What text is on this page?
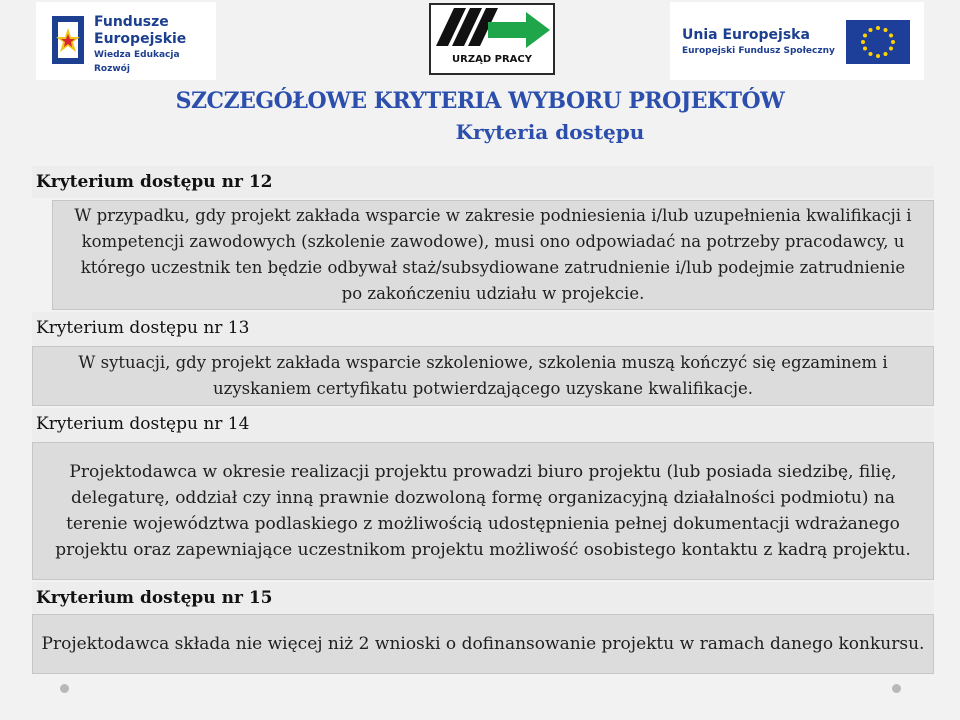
Fundusze
Europejskie
Wiedza Edukacja Rozwój
URZĄD PRACY
Unia Europejska
Europejski Fundusz Społeczny
SZCZEGÓŁOWE KRYTERIA WYBORU PROJEKTÓW
Kryteria dostępu
Kryterium dostępu nr 12

W przypadku, gdy projekt zakłada wsparcie w zakresie podniesienia i/lub uzupełnienia kwalifikacji i kompetencji zawodowych (szkolenie zawodowe), musi ono odpowiadać na potrzeby pracodawcy, u którego uczestnik ten będzie odbywał staż/subsydiowane zatrudnienie i/lub podejmie zatrudnienie po zakończeniu udziału w projekcie.

Kryterium dostępu nr 13

W sytuacji, gdy projekt zakłada wsparcie szkoleniowe, szkolenia muszą kończyć się egzaminem i uzyskaniem certyfikatu potwierdzającego uzyskane kwalifikacje.

Kryterium dostępu nr 14

Projektodawca w okresie realizacji projektu prowadzi biuro projektu (lub posiada siedzibę, filię, delegaturę, oddział czy inną prawnie dozwoloną formę organizacyjną działalności podmiotu) na terenie województwa podlaskiego z możliwością udostępnienia pełnej dokumentacji wdrażanego projektu oraz zapewniające uczestnikom projektu możliwość osobistego kontaktu z kadrą projektu.

Kryterium dostępu nr 15

Projektodawca składa nie więcej niż 2 wnioski o dofinansowanie projektu w ramach danego konkursu.
